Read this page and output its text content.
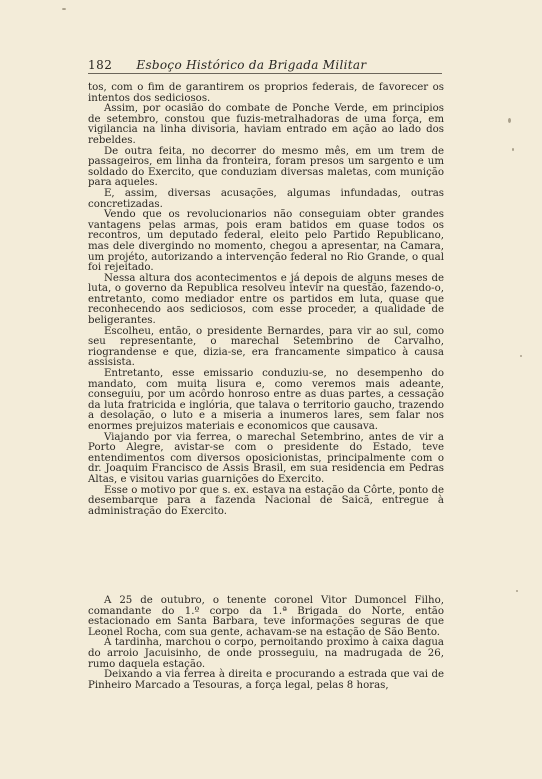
182 Esboço Histórico da Brigada Militar

tos, com o fim de garantirem os proprios federais, de favorecer os intentos dos sediciosos.

Assim, por ocasião do combate de Ponche Verde, em principios de setembro, constou que fuzis-metralhadoras de uma força, em vigilancia na linha divisoria, haviam entrado em ação ao lado dos rebeldes.

De outra feita, no decorrer do mesmo mês, em um trem de passageiros, em linha da fronteira, foram presos um sargento e um soldado do Exercito, que conduziam diversas maletas, com munição para aqueles.

E, assim, diversas acusações, algumas infundadas, outras concretizadas.

Vendo que os revolucionarios não conseguiam obter grandes vantagens pelas armas, pois eram batidos em quase todos os recontros, um deputado federal, eleito pelo Partido Republicano, mas dele divergindo no momento, chegou a apresentar, na Camara, um projéto, autorizando a intervenção federal no Rio Grande, o qual foi rejeitado.

Nessa altura dos acontecimentos e já depois de alguns meses de luta, o governo da Republica resolveu intevir na questão, fazendo-o, entretanto, como mediador entre os partidos em luta, quase que reconhecendo aos sediciosos, com esse proceder, a qualidade de beligerantes.

Escolheu, então, o presidente Bernardes, para vir ao sul, como seu representante, o marechal Setembrino de Carvalho, riograndense e que, dizia-se, era francamente simpatico à causa assisista.

Entretanto, esse emissario conduziu-se, no desempenho do mandato, com muita lisura e, como veremos mais adeante, conseguiu, por um acôrdo honroso entre as duas partes, a cessação da luta fratricida e inglória, que talava o territorio gaucho, trazendo a desolação, o luto e a miseria a inumeros lares, sem falar nos enormes prejuizos materiais e economicos que causava.

Viajando por via ferrea, o marechal Setembrino, antes de vir a Porto Alegre, avistar-se com o presidente do Estado, teve entendimentos com diversos oposicionistas, principalmente com o dr. Joaquim Francisco de Assis Brasil, em sua residencia em Pedras Altas, e visitou varias guarnições do Exercito.

Esse o motivo por que s. ex. estava na estação da Côrte, ponto de desembarque para a fazenda Nacional de Saicã, entregue à administração do Exercito.

A 25 de outubro, o tenente coronel Vitor Dumoncel Filho, comandante do 1.º corpo da 1.ª Brigada do Norte, então estacionado em Santa Barbara, teve informações seguras de que Leonel Rocha, com sua gente, achavam-se na estação de São Bento.

À tardinha, marchou o corpo, pernoitando proximo à caixa dagua do arroio Jacuisinho, de onde prosseguiu, na madrugada de 26, rumo daquela estação.

Deixando a via ferrea à direita e procurando a estrada que vai de Pinheiro Marcado a Tesouras, a força legal, pelas 8 horas,
